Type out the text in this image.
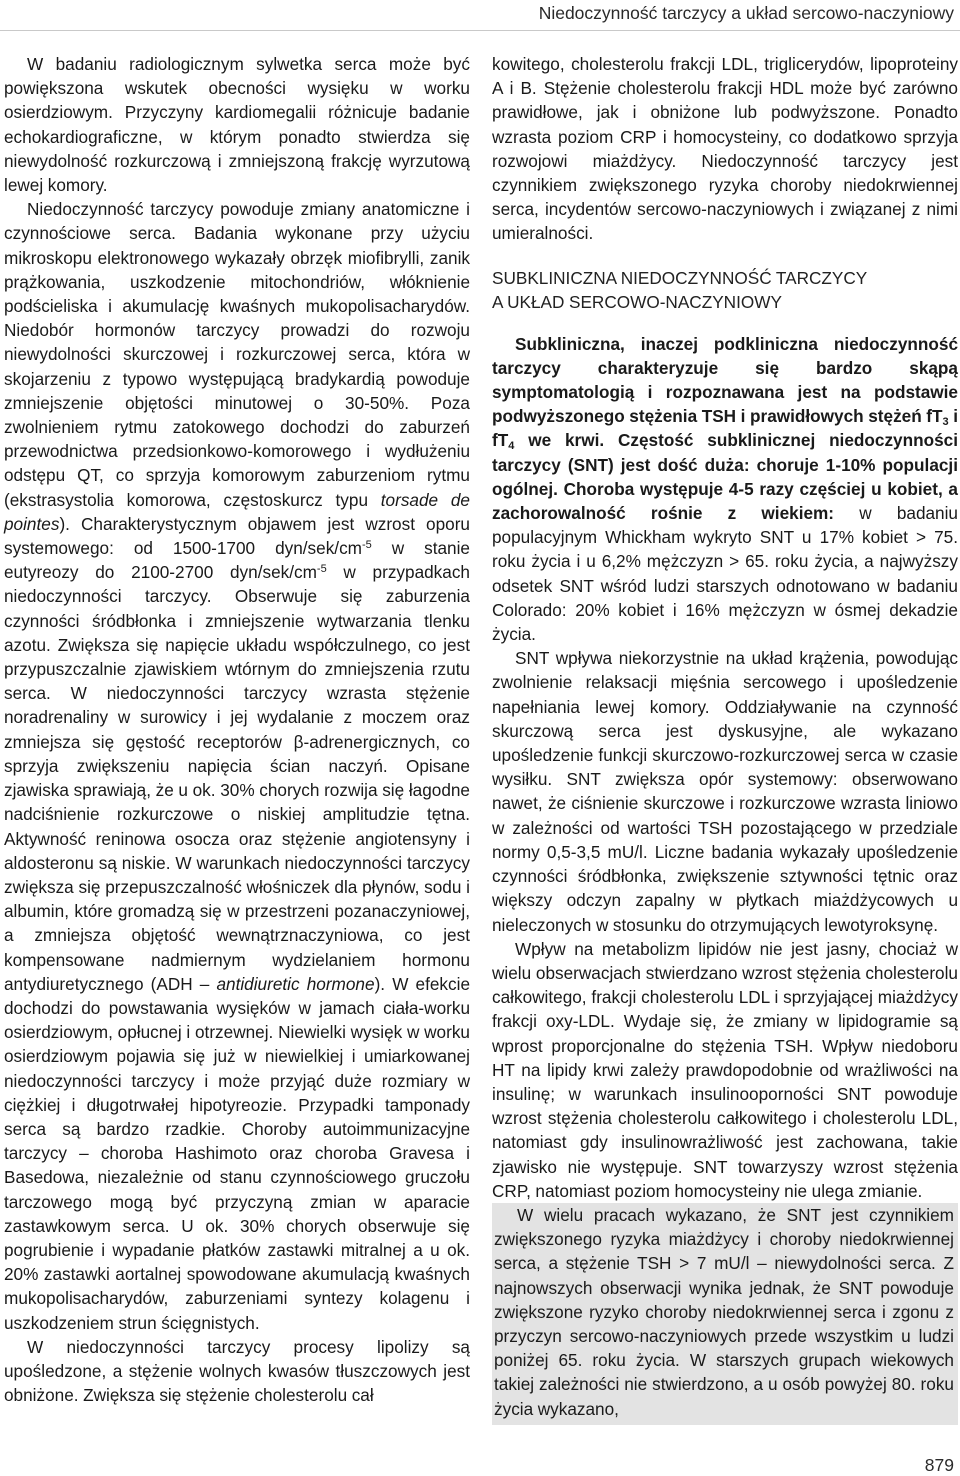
Niedoczynność tarczycy a układ sercowo-naczyniowy

W badaniu radiologicznym sylwetka serca może być powiększona wskutek obecności wysięku w worku osierdziowym. Przyczyny kardiomegalii różnicuje badanie echokardiograficzne, w którym ponadto stwierdza się niewydolność rozkurczową i zmniejszoną frakcję wyrzutową lewej komory.

Niedoczynność tarczycy powoduje zmiany anatomiczne i czynnościowe serca. Badania wykonane przy użyciu mikroskopu elektronowego wykazały obrzęk miofibrylli, zanik prążkowania, uszkodzenie mitochondriów, włóknienie podścieliska i akumulację kwaśnych mukopolisacharydów. Niedobór hormonów tarczycy prowadzi do rozwoju niewydolności skurczowej i rozkurczowej serca, która w skojarzeniu z typowo występującą bradykardią powoduje zmniejszenie objętości minutowej o 30-50%. Poza zwolnieniem rytmu zatokowego dochodzi do zaburzeń przewodnictwa przedsionkowo-komorowego i wydłużeniu odstępu QT, co sprzyja komorowym zaburzeniom rytmu (ekstrasystolia komorowa, częstoskurcz typu torsade de pointes). Charakterystycznym objawem jest wzrost oporu systemowego: od 1500-1700 dyn/$sek/cm^{-5}$ w stanie eutyreozy do 2100-2700 dyn/$sek/cm^{-5}$ w przypadkach niedoczynności tarczycy. Obserwuje się zaburzenia czynności śródbłonka i zmniejszenie wytwarzania tlenku azotu. Zwiększa się napięcie układu współczulnego, co jest przypuszczalnie zjawiskiem wtórnym do zmniejszenia rzutu serca. W niedoczynności tarczycy wzrasta stężenie noradrenaliny w surowicy i jej wydalanie z moczem oraz zmniejsza się gęstość receptorów β-adrenergicznych, co sprzyja zwiększeniu napięcia ścian naczyń. Opisane zjawiska sprawiają, że u ok. 30% chorych rozwija się łagodne nadciśnienie rozkurczowe o niskiej amplitudzie tętna. Aktywność reninowa osocza oraz stężenie angiotensyny i aldosteronu są niskie. W warunkach niedoczynności tarczycy zwiększa się przepuszczalność włośniczek dla płynów, sodu i albumin, które gromadzą się w przestrzeni pozanaczyniowej, a zmniejsza objętość wewnątrznaczyniowa, co jest kompensowane nadmiernym wydzielaniem hormonu antydiuretycznego (ADH – antidiuretic hormone). W efekcie dochodzi do powstawania wysięków w jamach ciała-worku osierdziowym, opłucnej i otrzewnej. Niewielki wysięk w worku osierdziowym pojawia się już w niewielkiej i umiarkowanej niedoczynności tarczycy i może przyjąć duże rozmiary w ciężkiej i długotrwałej hipotyreozie. Przypadki tamponady serca są bardzo rzadkie. Choroby autoimmunizacyjne tarczycy – choroba Hashimoto oraz choroba Gravesa i Basedowa, niezależnie od stanu czynnościowego gruczołu tarczowego mogą być przyczyną zmian w aparacie zastawkowym serca. U ok. 30% chorych obserwuje się pogrubienie i wypadanie płatków zastawki mitralnej a u ok. 20% zastawki aortalnej spowodowane akumulacją kwaśnych mukopolisacharydów, zaburzeniami syntezy kolagenu i uszkodzeniem strun ścięgnistych.

W niedoczynności tarczycy procesy lipolizy są upośledzone, a stężenie wolnych kwasów tłuszczowych jest obniżone. Zwiększa się stężenie cholesterolu cał

kowitego, cholesterolu frakcji LDL, triglicerydów, lipoproteiny A i B. Stężenie cholesterolu frakcji HDL może być zarówno prawidłowe, jak i obniżone lub podwyższone. Ponadto wzrasta poziom CRP i homocysteiny, co dodatkowo sprzyja rozwojowi miażdżycy. Niedoczynność tarczycy jest czynnikiem zwiększonego ryzyka choroby niedokrwiennej serca, incydentów sercowo-naczyniowych i związanej z nimi umieralności.

SUBKLINICZNA NIEDOCZYNNOŚĆ TARCZYCY
A UKŁAD SERCOWO-NACZYNIOWY

Subkliniczna, inaczej podkliniczna niedoczynność tarczycy charakteryzuje się bardzo skąpą symptomatologią i rozpoznawana jest na podstawie podwyższonego stężenia TSH i prawidłowych stężeń $fT_3$ i $fT_4$ we krwi. Częstość subklinicznej niedoczynności tarczycy (SNT) jest dość duża: choruje 1-10% populacji ogólnej. Choroba występuje 4-5 razy częściej u kobiet, a zachorowalność rośnie z wiekiem: w badaniu populacyjnym Whickham wykryto SNT u 17% kobiet > 75. roku życia i u 6,2% mężczyzn > 65. roku życia, a najwyższy odsetek SNT wśród ludzi starszych odnotowano w badaniu Colorado: 20% kobiet i 16% mężczyzn w ósmej dekadzie życia.

SNT wpływa niekorzystnie na układ krążenia, powodując zwolnienie relaksacji mięśnia sercowego i upośledzenie napełniania lewej komory. Oddziaływanie na czynność skurczową serca jest dyskusyjne, ale wykazano upośledzenie funkcji skurczowo-rozkurczowej serca w czasie wysiłku. SNT zwiększa opór systemowy: obserwowano nawet, że ciśnienie skurczowe i rozkurczowe wzrasta liniowo w zależności od wartości TSH pozostającego w przedziale normy 0,5-3,5 mU/l. Liczne badania wykazały upośledzenie czynności śródbłonka, zwiększenie sztywności tętnic oraz większy odczyn zapalny w płytkach miażdżycowych u nieleczonych w stosunku do otrzymujących lewotyroksynę.

Wpływ na metabolizm lipidów nie jest jasny, chociaż w wielu obserwacjach stwierdzano wzrost stężenia cholesterolu całkowitego, frakcji cholesterolu LDL i sprzyjającej miażdżycy frakcji oxy-LDL. Wydaje się, że zmiany w lipidogramie są wprost proporcjonalne do stężenia TSH. Wpływ niedoboru HT na lipidy krwi zależy prawdopodobnie od wrażliwości na insulinę; w warunkach insulinooporności SNT powoduje wzrost stężenia cholesterolu całkowitego i cholesterolu LDL, natomiast gdy insulinowrażliwość jest zachowana, takie zjawisko nie występuje. SNT towarzyszy wzrost stężenia CRP, natomiast poziom homocysteiny nie ulega zmianie.

W wielu pracach wykazano, że SNT jest czynnikiem zwiększonego ryzyka miażdżycy i choroby niedokrwiennej serca, a stężenie TSH > 7 mU/l – niewydolności serca. Z najnowszych obserwacji wynika jednak, że SNT powoduje zwiększone ryzyko choroby niedokrwiennej serca i zgonu z przyczyn sercowo-naczyniowych przede wszystkim u ludzi poniżej 65. roku życia. W starszych grupach wiekowych takiej zależności nie stwierdzono, a u osób powyżej 80. roku życia wykazano,

879
